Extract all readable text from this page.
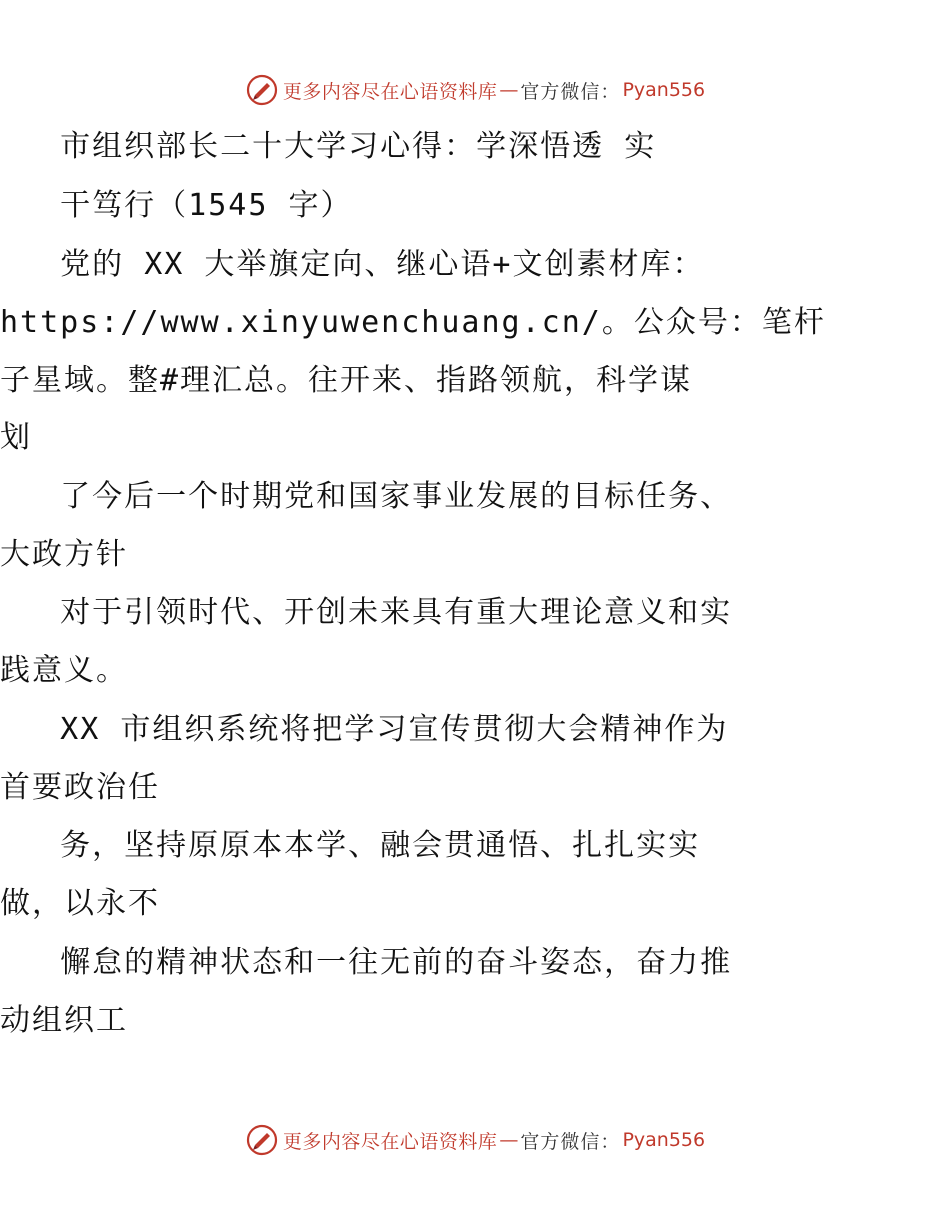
更多内容尽在心语资料库 — 官方微信： Pyan556
市组织部长二十大学习心得：学深悟透 实
干笃行（1545 字）
党的 XX 大举旗定向、继心语+文创素材库：
https://www.xinyuwenchuang.cn/。公众号：笔杆
子星域。整#理汇总。往开来、指路领航，科学谋
划
了今后一个时期党和国家事业发展的目标任务、
大政方针
对于引领时代、开创未来具有重大理论意义和实
践意义。
XX 市组织系统将把学习宣传贯彻大会精神作为
首要政治任
务，坚持原原本本学、融会贯通悟、扎扎实实
做，以永不
懈怠的精神状态和一往无前的奋斗姿态，奋力推
动组织工
更多内容尽在心语资料库 — 官方微信： Pyan556
